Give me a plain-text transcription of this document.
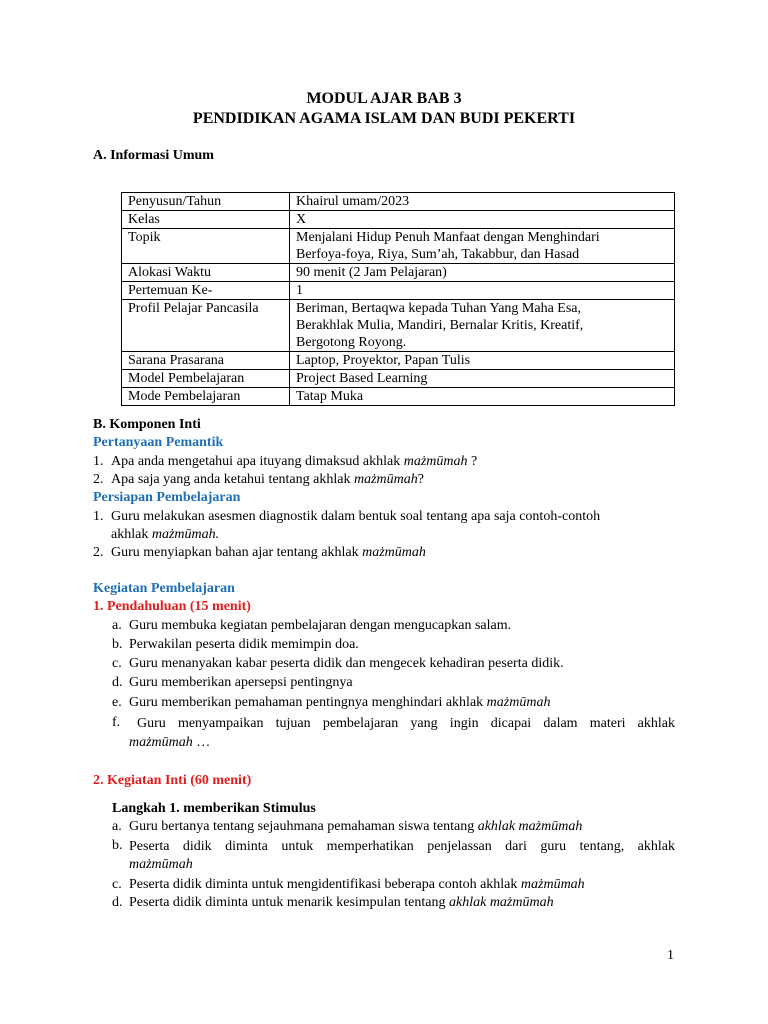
MODUL AJAR BAB 3
PENDIDIKAN AGAMA ISLAM DAN BUDI PEKERTI
A. Informasi Umum
Penyusun/Tahun	Khairul umam/2023
Kelas	X
Topik	Menjalani Hidup Penuh Manfaat dengan Menghindari
Berfoya-foya, Riya, Sum’ah, Takabbur, dan Hasad

Alokasi Waktu	90 menit (2 Jam Pelajaran)
Pertemuan Ke-	1
Profil Pelajar Pancasila	Beriman, Bertaqwa kepada Tuhan Yang Maha Esa,
Berakhlak Mulia, Mandiri, Bernalar Kritis, Kreatif,
Bergotong Royong.

Sarana Prasarana	Laptop, Proyektor, Papan Tulis
Model Pembelajaran	Project Based Learning
Mode Pembelajaran	Tatap Muka
B. Komponen Inti
Pertanyaan Pemantik
1. Apa anda mengetahui apa ituyang dimaksud akhlak mażmūmah ?
2. Apa saja yang anda ketahui tentang akhlak mażmūmah?
Persiapan Pembelajaran
1. Guru melakukan asesmen diagnostik dalam bentuk soal tentang apa saja contoh-contoh
akhlak mażmūmah.
2. Guru menyiapkan bahan ajar tentang akhlak mażmūmah
Kegiatan Pembelajaran
1. Pendahuluan (15 menit)
a. Guru membuka kegiatan pembelajaran dengan mengucapkan salam.
b. Perwakilan peserta didik memimpin doa.
c. Guru menanyakan kabar peserta didik dan mengecek kehadiran peserta didik.
d. Guru memberikan apersepsi pentingnya
e. Guru memberikan pemahaman pentingnya menghindari akhlak mażmūmah
f.	Guru menyampaikan tujuan pembelajaran yang ingin dicapai dalam materi akhlak
mażmūmah …
2. Kegiatan Inti (60 menit)
Langkah 1. memberikan Stimulus
a. Guru bertanya tentang sejauhmana pemahaman siswa tentang akhlak mażmūmah
b. Peserta didik diminta untuk memperhatikan penjelassan dari guru tentang, akhlak
mażmūmah
c. Peserta didik diminta untuk mengidentifikasi beberapa contoh akhlak mażmūmah
d. Peserta didik diminta untuk menarik kesimpulan tentang akhlak mażmūmah
1
